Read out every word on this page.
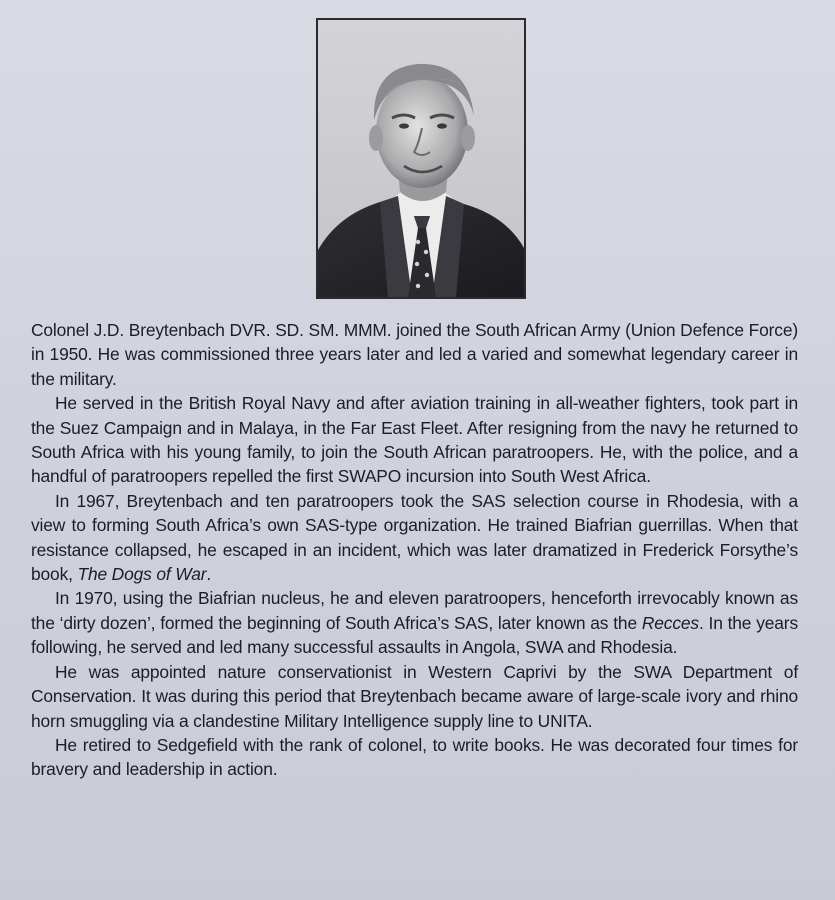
Colonel J.D. Breytenbach DVR. SD. SM. MMM. joined the South African Army (Union Defence Force) in 1950. He was commissioned three years later and led a varied and somewhat legendary career in the military.

He served in the British Royal Navy and after aviation training in all-weather fighters, took part in the Suez Campaign and in Malaya, in the Far East Fleet. After resigning from the navy he returned to South Africa with his young family, to join the South African paratroopers. He, with the police, and a handful of paratroopers repelled the first SWAPO incursion into South West Africa.

In 1967, Breytenbach and ten paratroopers took the SAS selection course in Rhodesia, with a view to forming South Africa’s own SAS-type organization. He trained Biafrian guerrillas. When that resistance collapsed, he escaped in an incident, which was later dramatized in Frederick Forsythe’s book, The Dogs of War.

In 1970, using the Biafrian nucleus, he and eleven paratroopers, henceforth irrevocably known as the ‘dirty dozen’, formed the beginning of South Africa’s SAS, later known as the Recces. In the years following, he served and led many successful assaults in Angola, SWA and Rhodesia.

He was appointed nature conservationist in Western Caprivi by the SWA Department of Conservation. It was during this period that Breytenbach became aware of large-scale ivory and rhino horn smuggling via a clandestine Military Intelligence supply line to UNITA.

He retired to Sedgefield with the rank of colonel, to write books. He was decorated four times for bravery and leadership in action.
